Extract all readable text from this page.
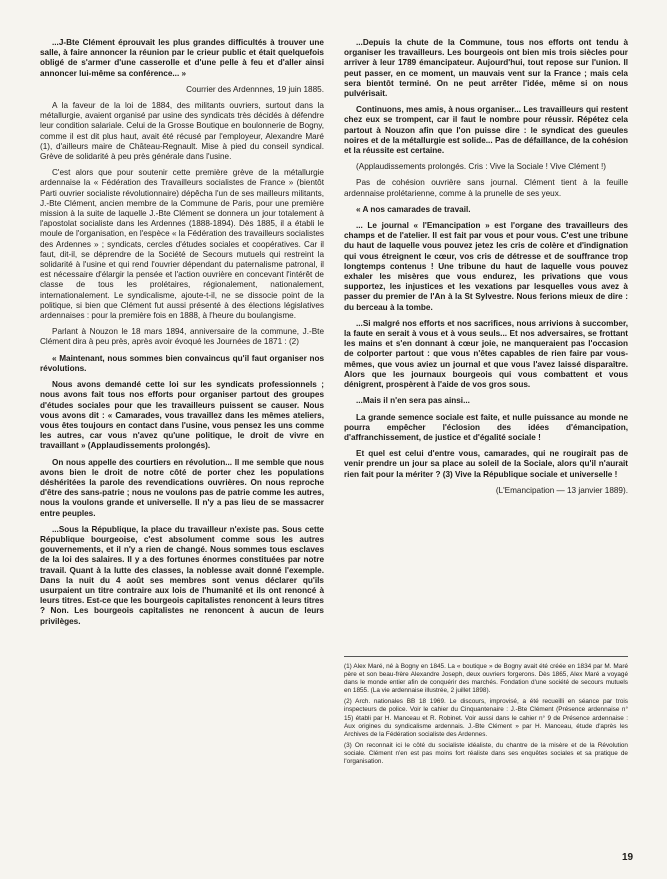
...J-Bte Clément éprouvait les plus grandes difficultés à trouver une salle, à faire annoncer la réunion par le crieur public et était quelquefois obligé de s'armer d'une casserolle et d'une pelle à feu et d'aller ainsi annoncer lui-même sa conférence... »

Courrier des Ardennnes, 19 juin 1885.

A la faveur de la loi de 1884, des militants ouvriers, surtout dans la métallurgie, avaient organisé par usine des syndicats très décidés à défendre leur condition salariale. Celui de la Grosse Boutique en boulonnerie de Bogny, comme il est dit plus haut, avait été récusé par l'employeur, Alexandre Maré (1), d'ailleurs maire de Château-Regnault. Mise à pied du conseil syndical. Grève de solidarité à peu près générale dans l'usine.

C'est alors que pour soutenir cette première grève de la métallurgie ardennaise la « Fédération des Travailleurs socialistes de France » (bientôt Parti ouvrier socialiste révolutionnaire) dépêcha l'un de ses mailleurs militants, J.-Bte Clément, ancien membre de la Commune de Paris, pour une première mission à la suite de laquelle J.-Bte Clément se donnera un jour totalement à l'apostolat socialiste dans les Ardennes (1888-1894). Dès 1885, il a établi le moule de l'organisation, en l'espèce « la Fédération des travailleurs socialistes des Ardennes » ; syndicats, cercles d'études sociales et coopératives. Car il faut, dit-il, se déprendre de la Société de Secours mutuels qui restreint la solidarité à l'usine et qui rend l'ouvrier dépendant du paternalisme patronal, il est nécessaire d'élargir la pensée et l'action ouvrière en concevant l'intérêt de classe de tous les prolétaires, régionalement, nationalement, internationalement. Le syndicalisme, ajoute-t-il, ne se dissocie point de la politique, si bien que Clément fut aussi présenté à des élections législatives ardennaises : pour la première fois en 1888, à l'heure du boulangisme.

Parlant à Nouzon le 18 mars 1894, anniversaire de la commune, J.-Bte Clément dira à peu près, après avoir évoqué les Journées de 1871 : (2)

« Maintenant, nous sommes bien convaincus qu'il faut organiser nos révolutions.

Nous avons demandé cette loi sur les syndicats professionnels ; nous avons fait tous nos efforts pour organiser partout des groupes d'études sociales pour que les travailleurs puissent se causer. Nous vous avons dit : « Camarades, vous travaillez dans les mêmes ateliers, vous êtes toujours en contact dans l'usine, vous pensez les uns comme les autres, car vous n'avez qu'une politique, le droit de vivre en travaillant » (Applaudissements prolongés).

On nous appelle des courtiers en révolution... Il me semble que nous avons bien le droit de notre côté de porter chez les populations déshéritées la parole des revendications ouvrières. On nous reproche d'être des sans-patrie ; nous ne voulons pas de patrie comme les autres, nous la voulons grande et universelle. Il n'y a pas lieu de se massacrer entre peuples.

...Sous la République, la place du travailleur n'existe pas. Sous cette République bourgeoise, c'est absolument comme sous les autres gouvernements, et il n'y a rien de changé. Nous sommes tous esclaves de la loi des salaires. Il y a des fortunes énormes constituées par notre travail. Quant à la lutte des classes, la noblesse avait donné l'exemple. Dans la nuit du 4 août ses membres sont venus déclarer qu'ils usurpaient un titre contraire aux lois de l'humanité et ils ont renoncé à leurs titres. Est-ce que les bourgeois capitalistes renoncent à leurs titres ? Non. Les bourgeois capitalistes ne renoncent à aucun de leurs privilèges.

...Depuis la chute de la Commune, tous nos efforts ont tendu à organiser les travailleurs. Les bourgeois ont bien mis trois siècles pour arriver à leur 1789 émancipateur. Aujourd'hui, tout repose sur l'union. Il peut passer, en ce moment, un mauvais vent sur la France ; mais cela sera bientôt terminé. On ne peut arrêter l'idée, même si on nous pulvérisait.

Continuons, mes amis, à nous organiser... Les travailleurs qui restent chez eux se trompent, car il faut le nombre pour réussir. Répétez cela partout à Nouzon afin que l'on puisse dire : le syndicat des gueules noires et de la métallurgie est solide... Pas de défaillance, de la cohésion et la réussite est certaine.

(Applaudissements prolongés. Cris : Vive la Sociale ! Vive Clément !)

Pas de cohésion ouvrière sans journal. Clément tient à la feuille ardennaise prolétarienne, comme à la prunelle de ses yeux.

« A nos camarades de travail.

... Le journal « l'Emancipation » est l'organe des travailleurs des champs et de l'atelier. Il est fait par vous et pour vous. C'est une tribune du haut de laquelle vous pouvez jetez les cris de colère et d'indignation qui vous étreignent le cœur, vos cris de détresse et de souffrance trop longtemps contenus ! Une tribune du haut de laquelle vous pouvez exhaler les misères que vous endurez, les privations que vous supportez, les injustices et les vexations par lesquelles vous avez à passer du premier de l'An à la St Sylvestre. Nous ferions mieux de dire : du berceau à la tombe.

...Si malgré nos efforts et nos sacrifices, nous arrivions à succomber, la faute en serait à vous et à vous seuls... Et nos adversaires, se frottant les mains et s'en donnant à cœur joie, ne manqueraient pas l'occasion de colporter partout : que vous n'êtes capables de rien faire par vous-mêmes, que vous aviez un journal et que vous l'avez laissé disparaître. Alors que les journaux bourgeois qui vous combattent et vous dénigrent, prospèrent à l'aide de vos gros sous.

...Mais il n'en sera pas ainsi...

La grande semence sociale est faite, et nulle puissance au monde ne pourra empêcher l'éclosion des idées d'émancipation, d'affranchissement, de justice et d'égalité sociale !

Et quel est celui d'entre vous, camarades, qui ne rougirait pas de venir prendre un jour sa place au soleil de la Sociale, alors qu'il n'aurait rien fait pour la mériter ? (3) Vive la République sociale et universelle !

(L'Emancipation — 13 janvier 1889).

(1) Alex Maré, né à Bogny en 1845. La « boutique » de Bogny avait été créée en 1834 par M. Maré père et son beau-frère Alexandre Joseph, deux ouvriers forgerons. Dès 1865, Alex Maré a voyagé dans le monde entier afin de conquérir des marchés. Fondation d'une société de secours mutuels en 1855. (La vie ardennaise illustrée, 2 juillet 1898).

(2) Arch. nationales BB 18 1969. Le discours, improvisé, a été recueilli en séance par trois inspecteurs de police. Voir le cahier du Cinquantenaire : J.-Bte Clément (Présence ardennaise n° 15) établi par H. Manceau et R. Robinet. Voir aussi dans le cahier n° 9 de Présence ardennaise : Aux origines du syndicalisme ardennais. J.-Bte Clément » par H. Manceau, étude d'après les Archives de la Fédération socialiste des Ardennes.

(3) On reconnait ici le côté du socialiste idéaliste, du chantre de la misère et de la Révolution sociale. Clément n'en est pas moins fort réaliste dans ses enquêtes sociales et sa pratique de l'organisation.

19
